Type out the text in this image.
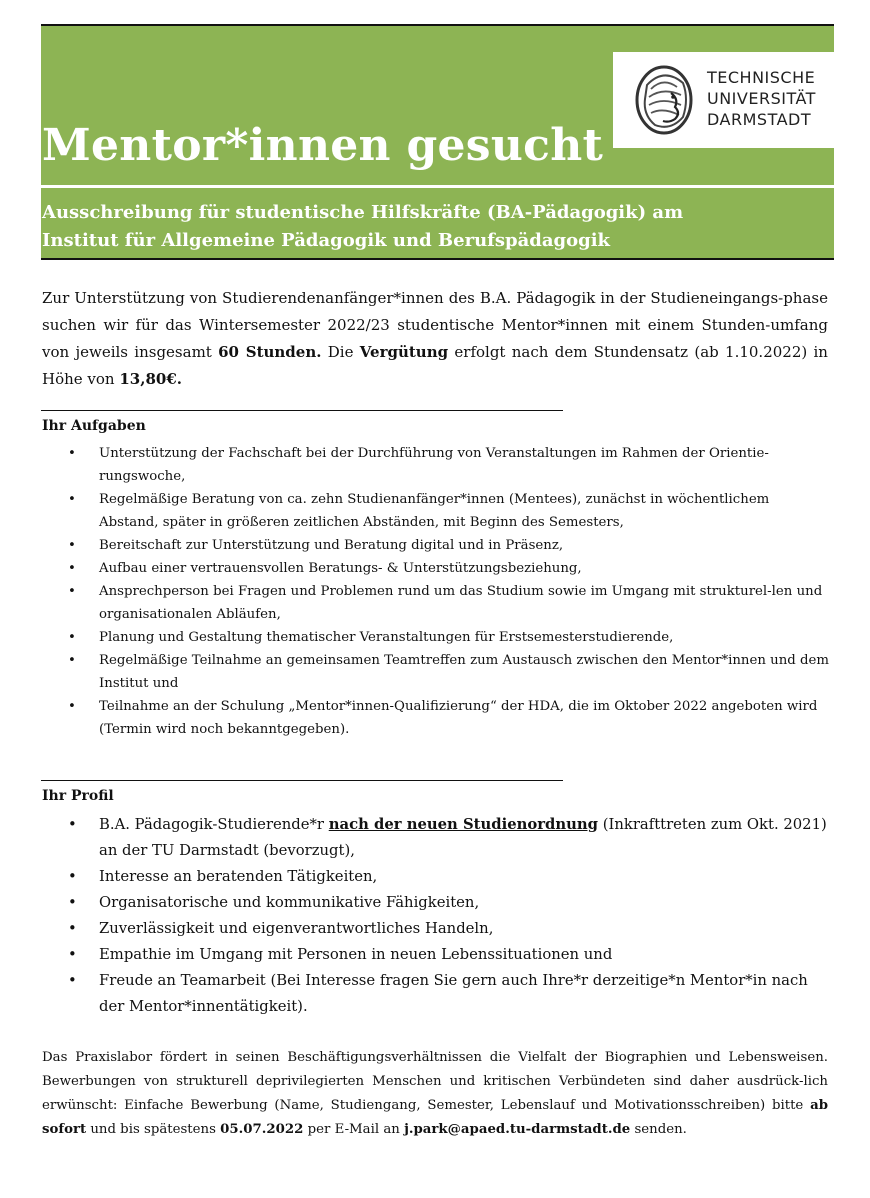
TECHNISCHE
UNIVERSITÄT
DARMSTADT
Mentor*innen gesucht
Ausschreibung für studentische Hilfskräfte (BA-Pädagogik) am
Institut für Allgemeine Pädagogik und Berufspädagogik
Zur Unterstützung von Studierendenanfänger*innen des B.A. Pädagogik in der Studieneingangs-phase suchen wir für das Wintersemester 2022/23 studentische Mentor*innen mit einem Stunden-umfang von jeweils insgesamt 60 Stunden. Die Vergütung erfolgt nach dem Stundensatz (ab 1.10.2022) in Höhe von 13,80€.
Ihr Aufgaben
• Unterstützung der Fachschaft bei der Durchführung von Veranstaltungen im Rahmen der Orientie-rungswoche,
• Regelmäßige Beratung von ca. zehn Studienanfänger*innen (Mentees), zunächst in wöchentlichem Abstand, später in größeren zeitlichen Abständen, mit Beginn des Semesters,
• Bereitschaft zur Unterstützung und Beratung digital und in Präsenz,
• Aufbau einer vertrauensvollen Beratungs- & Unterstützungsbeziehung,
• Ansprechperson bei Fragen und Problemen rund um das Studium sowie im Umgang mit strukturel-len und organisationalen Abläufen,
• Planung und Gestaltung thematischer Veranstaltungen für Erstsemesterstudierende,
• Regelmäßige Teilnahme an gemeinsamen Teamtreffen zum Austausch zwischen den Mentor*innen und dem Institut und
• Teilnahme an der Schulung „Mentor*innen-Qualifizierung“ der HDA, die im Oktober 2022 angeboten wird (Termin wird noch bekanntgegeben).
Ihr Profil
• B.A. Pädagogik-Studierende*r nach der neuen Studienordnung (Inkrafttreten zum Okt. 2021) an der TU Darmstadt (bevorzugt),
• Interesse an beratenden Tätigkeiten,
• Organisatorische und kommunikative Fähigkeiten,
• Zuverlässigkeit und eigenverantwortliches Handeln,
• Empathie im Umgang mit Personen in neuen Lebenssituationen und
• Freude an Teamarbeit (Bei Interesse fragen Sie gern auch Ihre*r derzeitige*n Mentor*in nach der Mentor*innentätigkeit).
Das Praxislabor fördert in seinen Beschäftigungsverhältnissen die Vielfalt der Biographien und Lebensweisen. Bewerbungen von strukturell deprivilegierten Menschen und kritischen Verbündeten sind daher ausdrück-lich erwünscht: Einfache Bewerbung (Name, Studiengang, Semester, Lebenslauf und Motivationsschreiben) bitte ab sofort und bis spätestens 05.07.2022 per E-Mail an j.park@apaed.tu-darmstadt.de senden.
